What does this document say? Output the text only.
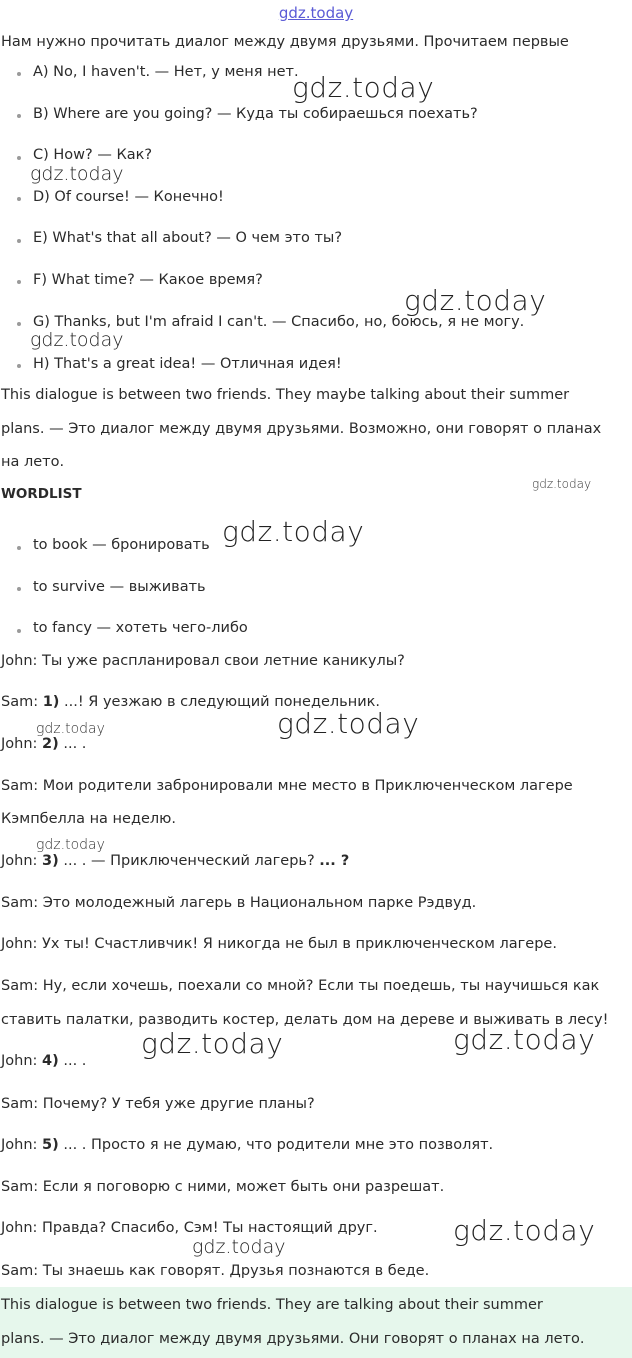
gdz.today
Нам нужно прочитать диалог между двумя друзьями. Прочитаем первые
A) No, I haven't. — Нет, у меня нет.
B) Where are you going? — Куда ты собираешься поехать?
C) How? — Как?
D) Of course! — Конечно!
E) What's that all about? — О чем это ты?
F) What time? — Какое время?
G) Thanks, but I'm afraid I can't. — Спасибо, но, боюсь, я не могу.
H) That's a great idea! — Отличная идея!
This dialogue is between two friends. They maybe talking about their summer
plans. — Это диалог между двумя друзьями. Возможно, они говорят о планах
на лето.
WORDLIST
to book — бронировать
to survive — выживать
to fancy — хотеть чего-либо
John: Ты уже распланировал свои летние каникулы?
Sam: 1) ...! Я уезжаю в следующий понедельник.
John: 2) ... .
Sam: Мои родители забронировали мне место в Приключенческом лагере
Кэмпбелла на неделю.
John: 3) ... . — Приключенческий лагерь? ... ?
Sam: Это молодежный лагерь в Национальном парке Рэдвуд.
John: Ух ты! Счастливчик! Я никогда не был в приключенческом лагере.
Sam: Ну, если хочешь, поехали со мной? Если ты поедешь, ты научишься как
ставить палатки, разводить костер, делать дом на дереве и выживать в лесу!
John: 4) ... .
Sam: Почему? У тебя уже другие планы?
John: 5) ... . Просто я не думаю, что родители мне это позволят.
Sam: Если я поговорю с ними, может быть они разрешат.
John: Правда? Спасибо, Сэм! Ты настоящий друг.
Sam: Ты знаешь как говорят. Друзья познаются в беде.
This dialogue is between two friends. They are talking about their summer
plans. — Это диалог между двумя друзьями. Они говорят о планах на лето.
gdz.today
gdz.today
gdz.today
gdz.today
gdz.today
gdz.today
gdz.today	gdz.today
gdz.today
gdz.today	gdz.today
gdz.today
gdz.today
